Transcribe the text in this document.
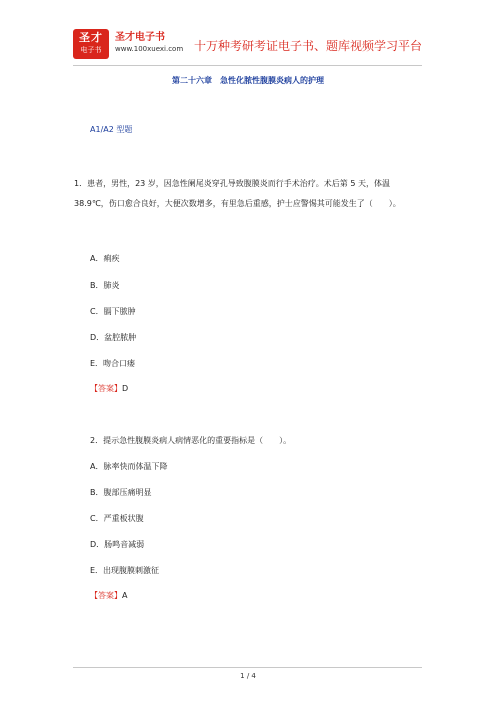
圣才
电子书
圣才电子书
www.100xuexi.com 十万种考研考证电子书、题库视频学习平台
第二十六章　急性化脓性腹膜炎病人的护理
A1/A2 型题
1．患者，男性，23 岁，因急性阑尾炎穿孔导致腹膜炎而行手术治疗。术后第 5 天，体温 38.9℃，伤口愈合良好，大便次数增多，有里急后重感，护士应警惕其可能发生了（　　）。
A．痢疾
B．肺炎
C．膈下脓肿
D．盆腔脓肿
E．吻合口瘘
【答案】D
2．提示急性腹膜炎病人病情恶化的重要指标是（　　）。
A．脉率快而体温下降
B．腹部压痛明显
C．严重板状腹
D．肠鸣音减弱
E．出现腹膜刺激征
【答案】A
1 / 4
